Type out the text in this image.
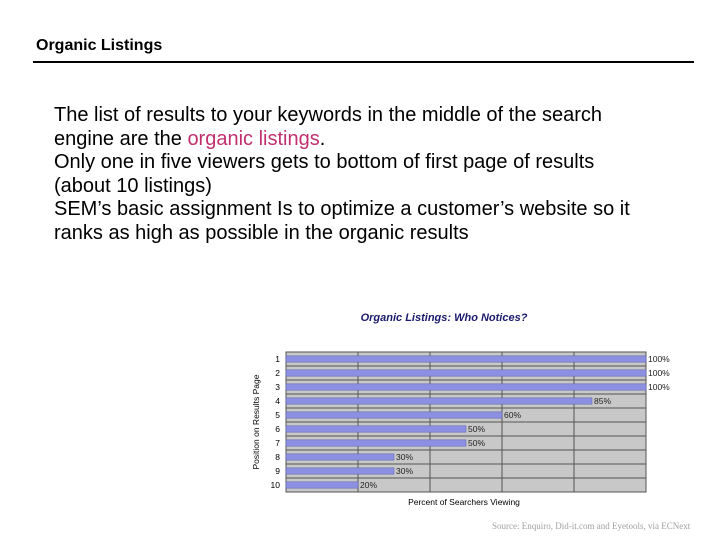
Organic Listings

The list of results to your keywords in the middle of the search engine are the organic listings.

Only one in five viewers gets to bottom of first page of results (about 10 listings)

SEM’s basic assignment Is to optimize a customer’s website so it ranks as high as possible in the organic results

Organic Listings: Who Notices?
1
2
3
4
5
6
7
8
9
10
100%
100%
100%
85%
60%
50%
50%
30%
30%
20%
Position on Results Page
Percent of Searchers Viewing
Source: Enquiro, Did-it.com and Eyetools, via ECNext
